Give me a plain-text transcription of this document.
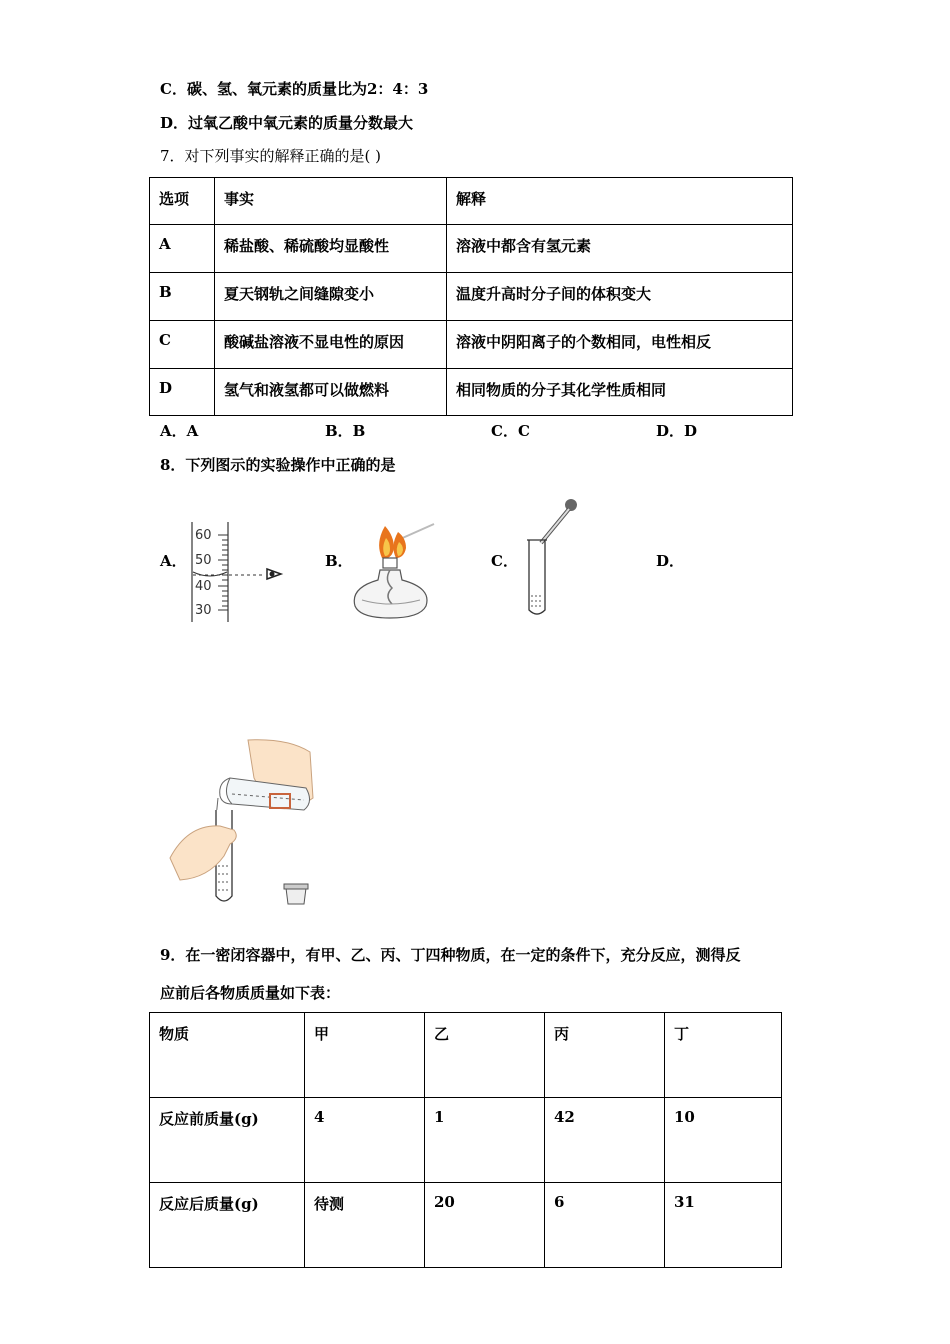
C．碳、氢、氧元素的质量比为2：4：3
D．过氧乙酸中氧元素的质量分数最大
7．对下列事实的解释正确的是( )
选项	事实	解释
A	稀盐酸、稀硫酸均显酸性	溶液中都含有氢元素
B	夏天钢轨之间缝隙变小	温度升高时分子间的体积变大
C	酸碱盐溶液不显电性的原因	溶液中阴阳离子的个数相同，电性相反
D	氢气和液氢都可以做燃料	相同物质的分子其化学性质相同
A．A	B．B	C．C	D．D
8．下列图示的实验操作中正确的是
A．	B．	C．	D．
60
50
40
30
9．在一密闭容器中，有甲、乙、丙、丁四种物质，在一定的条件下，充分反应，测得反
应前后各物质质量如下表：
物质	甲	乙	丙	丁
反应前质量(g)	4	1	42	10
反应后质量(g)	待测	20	6	31
